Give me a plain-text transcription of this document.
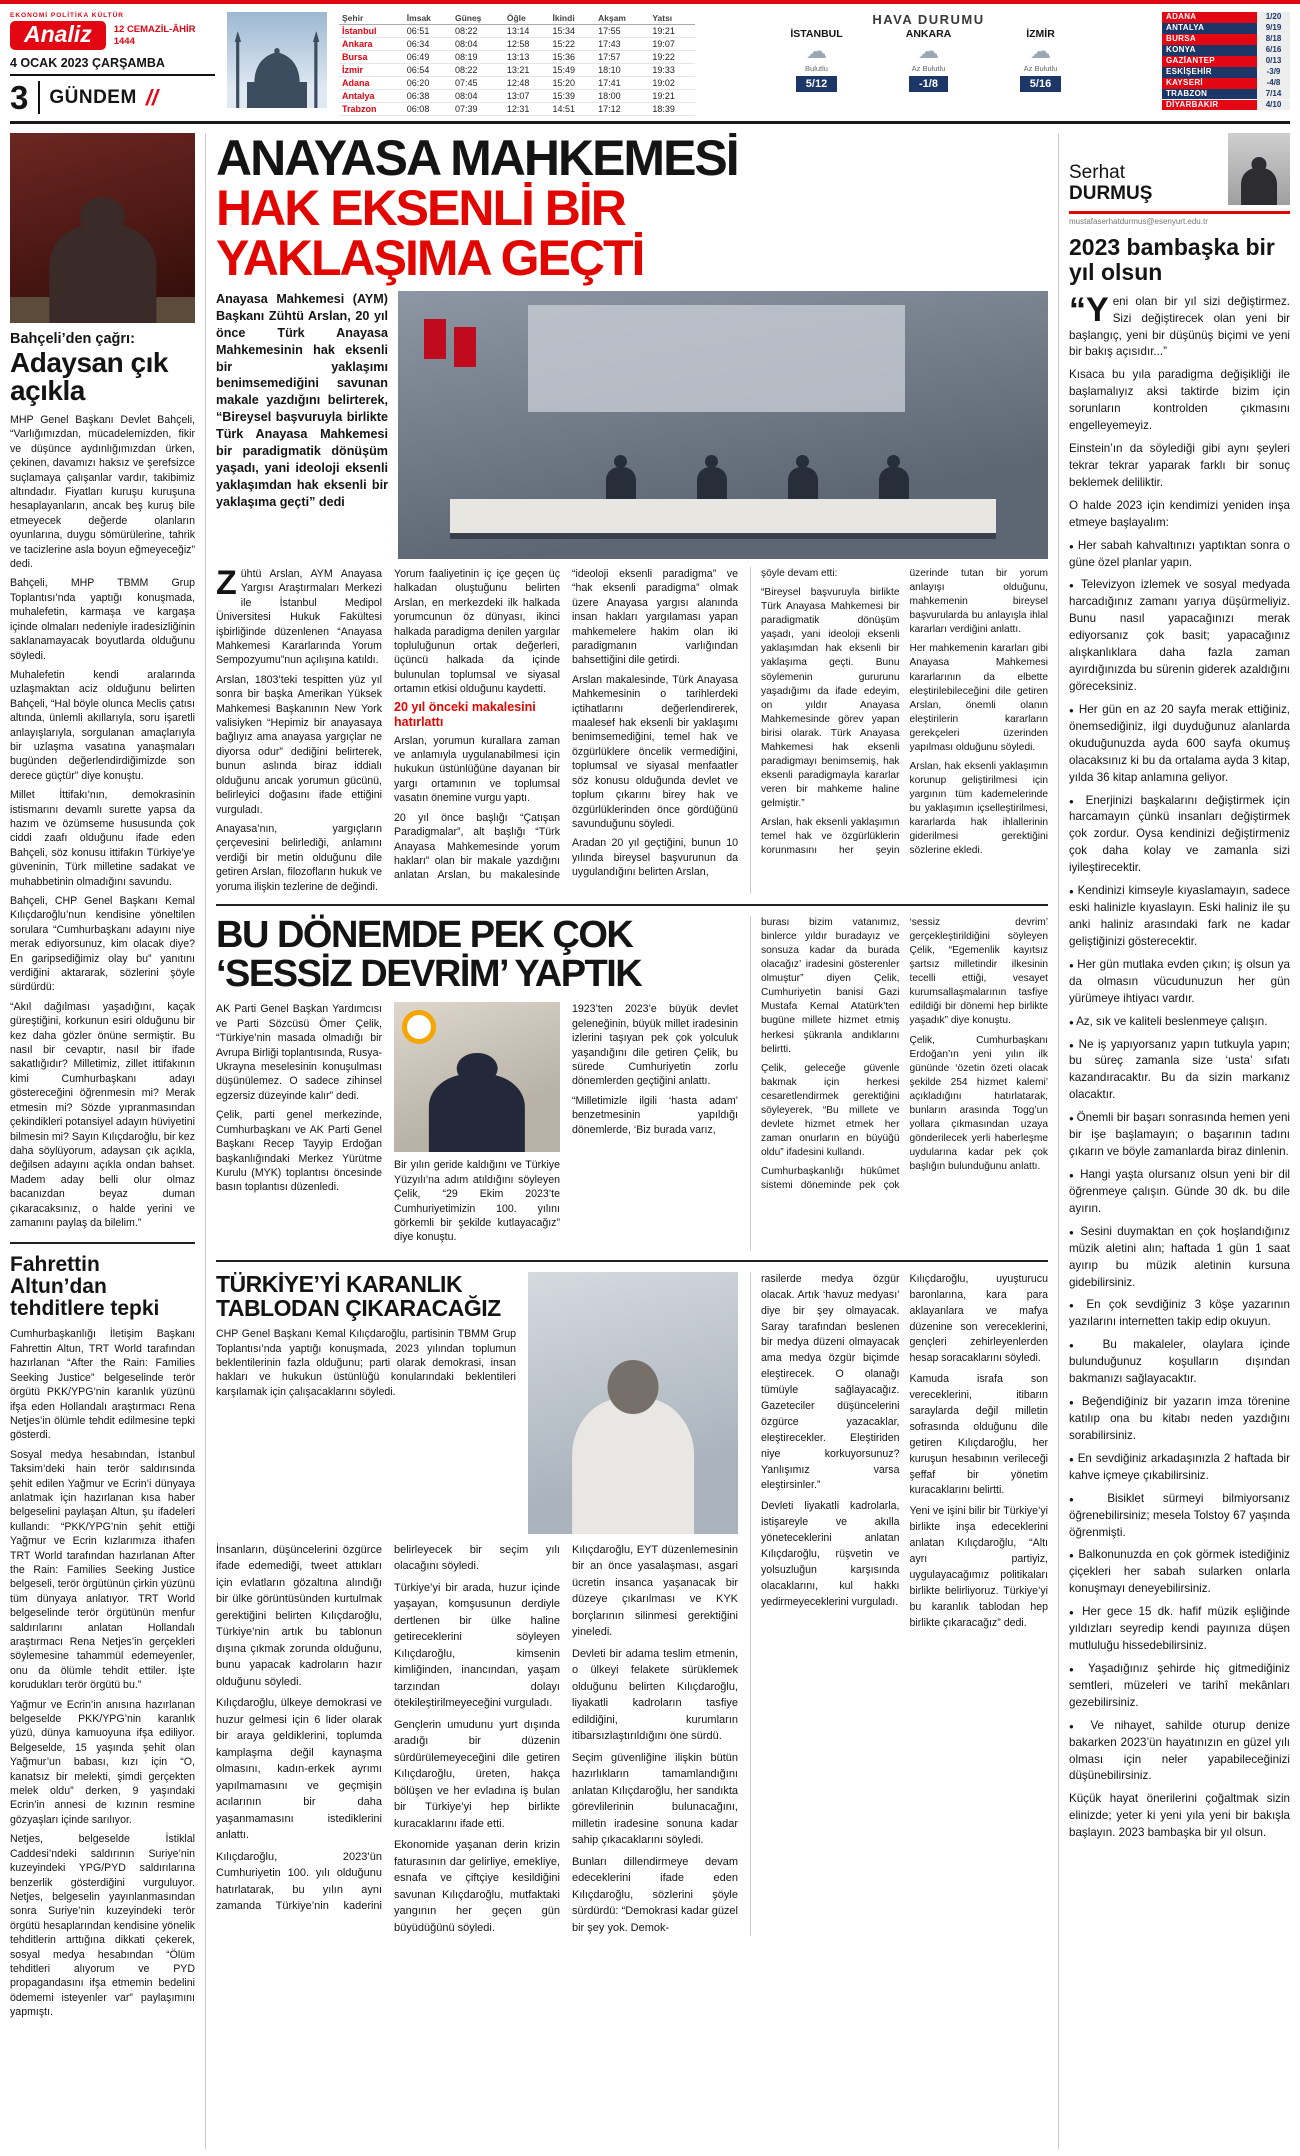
EKONOMİ POLİTİKA KÜLTÜR
Analiz	12 CEMAZİL-ÂHİR 1444
4 OCAK 2023 ÇARŞAMBA
3	GÜNDEM //
Şehir	İmsak	Güneş	Öğle	İkindi	Akşam	Yatsı
İstanbul	06:51	08:22	13:14	15:34	17:55	19:21
Ankara	06:34	08:04	12:58	15:22	17:43	19:07
Bursa	06:49	08:19	13:13	15:36	17:57	19:22
İzmir	06:54	08:22	13:21	15:49	18:10	19:33
Adana	06:20	07:45	12:48	15:20	17:41	19:02
Antalya	06:38	08:04	13:07	15:39	18:00	19:21
Trabzon	06:08	07:39	12:31	14:51	17:12	18:39
HAVA DURUMU
İSTANBUL
☁
Bulutlu
5/12
ANKARA
☁
Az Bulutlu
-1/8
İZMİR
☁
Az Bulutlu
5/16
ADANA	1/20
ANTALYA	9/19
BURSA	8/18
KONYA	6/16
GAZİANTEP	0/13
ESKİŞEHİR	-3/9
KAYSERİ	-4/8
TRABZON	7/14
DİYARBAKIR	4/10
Bahçeli’den çağrı:
Adaysan çık açıkla

MHP Genel Başkanı Devlet Bahçeli, “Varlığımızdan, mücadelemizden, fikir ve düşünce aydınlığımızdan ürken, çekinen, davamızı haksız ve şerefsizce suçlamaya çalışanlar vardır, takibimiz altındadır. Fiyatları kuruşu kuruşuna hesaplayanların, ancak beş kuruş bile etmeyecek değerde olanların oyunlarına, duygu sömürülerine, tahrik ve tacizlerine asla boyun eğmeyeceğiz” dedi.

Bahçeli, MHP TBMM Grup Toplantısı’nda yaptığı konuşmada, muhalefetin, karmaşa ve kargaşa içinde olmaları nedeniyle iradesizliğinin saklanamayacak boyutlarda olduğunu söyledi.

Muhalefetin kendi aralarında uzlaşmaktan aciz olduğunu belirten Bahçeli, “Hal böyle olunca Meclis çatısı altında, ünlemli akıllarıyla, soru işaretli anlayışlarıyla, sorgulanan amaçlarıyla bir uzlaşma vasatına yanaşmaları bugünden değerlendirdiğimizde son derece güçtür” diye konuştu.

Millet İttifakı’nın, demokrasinin istismarını devamlı surette yapsa da hazım ve özümseme hususunda çok ciddi zaafı olduğunu ifade eden Bahçeli, söz konusu ittifakın Türkiye’ye güveninin, Türk milletine sadakat ve muhabbetinin olmadığını savundu.

Bahçeli, CHP Genel Başkanı Kemal Kılıçdaroğlu’nun kendisine yöneltilen sorulara “Cumhurbaşkanı adayını niye merak ediyorsunuz, kim olacak diye? En garipsediğimiz olay bu” yanıtını verdiğini aktararak, sözlerini şöyle sürdürdü:

“Akıl dağılması yaşadığını, kaçak güreştiğini, korkunun esiri olduğunu bir kez daha gözler önüne sermiştir. Bu nasıl bir cevaptır, nasıl bir ifade sakatlığıdır? Milletimiz, zillet ittifakının kimi Cumhurbaşkanı adayı göstereceğini öğrenmesin mi? Merak etmesin mi? Sözde yıpranmasından çekindikleri potansiyel adayın hüviyetini bilmesin mi? Sayın Kılıçdaroğlu, bir kez daha söylüyorum, adaysan çık açıkla, değilsen adayını açıkla ondan bahset. Madem aday belli olur olmaz bacanızdan beyaz duman çıkaracaksınız, o halde yerini ve zamanını paylaş da bilelim.”

Fahrettin Altun’dan tehditlere tepki

Cumhurbaşkanlığı İletişim Başkanı Fahrettin Altun, TRT World tarafından hazırlanan “After the Rain: Families Seeking Justice” belgeselinde terör örgütü PKK/YPG’nin karanlık yüzünü ifşa eden Hollandalı araştırmacı Rena Netjes’in ölümle tehdit edilmesine tepki gösterdi.

Sosyal medya hesabından, İstanbul Taksim’deki hain terör saldırısında şehit edilen Yağmur ve Ecrin’i dünyaya anlatmak için hazırlanan kısa haber belgeselini paylaşan Altun, şu ifadeleri kullandı: “PKK/YPG’nin şehit ettiği Yağmur ve Ecrin kızlarımıza ithafen TRT World tarafından hazırlanan After the Rain: Families Seeking Justice belgeseli, terör örgütünün çirkin yüzünü tüm dünyaya anlatıyor. TRT World belgeselinde terör örgütünün menfur saldırılarını anlatan Hollandalı araştırmacı Rena Netjes’in gerçekleri söylemesine tahammül edemeyenler, onu da ölümle tehdit ettiler. İşte korudukları terör örgütü bu.”

Yağmur ve Ecrin’in anısına hazırlanan belgeselde PKK/YPG’nin karanlık yüzü, dünya kamuoyuna ifşa ediliyor. Belgeselde, 15 yaşında şehit olan Yağmur’un babası, kızı için “O, kanatsız bir melekti, şimdi gerçekten melek oldu” derken, 9 yaşındaki Ecrin’in annesi de kızının resmine gözyaşları içinde sarılıyor.

Netjes, belgeselde İstiklal Caddesi’ndeki saldırının Suriye’nin kuzeyindeki YPG/PYD saldırılarına benzerlik gösterdiğini vurguluyor. Netjes, belgeselin yayınlanmasından sonra Suriye’nin kuzeyindeki terör örgütü hesaplarından kendisine yönelik tehditlerin arttığına dikkati çekerek, sosyal medya hesabından “Ölüm tehditleri alıyorum ve PYD propagandasını ifşa etmemin bedelini ödememi isteyenler var” paylaşımını yapmıştı.

ANAYASA MAHKEMESİ
HAK EKSENLİ BİR
YAKLAŞIMA GEÇTİ
Anayasa Mahkemesi (AYM) Başkanı Zühtü Arslan, 20 yıl önce Türk Anayasa Mahkemesinin hak eksenli bir yaklaşımı benimsemediğini savunan makale yazdığını belirterek, “Bireysel başvuruyla birlikte Türk Anayasa Mahkemesi bir paradigmatik dönüşüm yaşadı, yani ideoloji eksenli yaklaşımdan hak eksenli bir yaklaşıma geçti” dedi

Zühtü Arslan, AYM Anayasa Yargısı Araştırmaları Merkezi ile İstanbul Medipol Üniversitesi Hukuk Fakültesi işbirliğinde düzenlenen “Anayasa Mahkemesi Kararlarında Yorum Sempozyumu”nun açılışına katıldı.

Arslan, 1803’teki tespitten yüz yıl sonra bir başka Amerikan Yüksek Mahkemesi Başkanının New York valisiyken “Hepimiz bir anayasaya bağlıyız ama anayasa yargıçlar ne diyorsa odur” dediğini belirterek, bunun aslında biraz iddialı olduğunu ancak yorumun gücünü, belirleyici doğasını ifade ettiğini vurguladı.

Anayasa’nın, yargıçların çerçevesini belirlediği, anlamını verdiği bir metin olduğunu dile getiren Arslan, filozofların hukuk ve yoruma ilişkin tezlerine de değindi.

Yorum faaliyetinin iç içe geçen üç halkadan oluştuğunu belirten Arslan, en merkezdeki ilk halkada yorumcunun öz dünyası, ikinci halkada paradigma denilen yargılar topluluğunun ortak değerleri, üçüncü halkada da içinde bulunulan toplumsal ve siyasal ortamın etkisi olduğunu kaydetti.

20 yıl önceki makalesini hatırlattı

Arslan, yorumun kurallara zaman ve anlamıyla uygulanabilmesi için hukukun üstünlüğüne dayanan bir yargı ortamının ve toplumsal vasatın önemine vurgu yaptı.

20 yıl önce başlığı “Çatışan Paradigmalar”, alt başlığı “Türk Anayasa Mahkemesinde yorum hakları” olan bir makale yazdığını anlatan Arslan, bu makalesinde “ideoloji eksenli paradigma” ve “hak eksenli paradigma” olmak üzere Anayasa yargısı alanında insan hakları yargılaması yapan mahkemelere hakim olan iki paradigmanın varlığından bahsettiğini dile getirdi.

Arslan makalesinde, Türk Anayasa Mahkemesinin o tarihlerdeki içtihatlarını değerlendirerek, maalesef hak eksenli bir yaklaşımı benimsemediğini, temel hak ve özgürlüklere öncelik vermediğini, toplumsal ve siyasal menfaatler söz konusu olduğunda devlet ve toplum çıkarını birey hak ve özgürlüklerinden önce gördüğünü savunduğunu söyledi.

Aradan 20 yıl geçtiğini, bunun 10 yılında bireysel başvurunun da uygulandığını belirten Arslan,

şöyle devam etti:

“Bireysel başvuruyla birlikte Türk Anayasa Mahkemesi bir paradigmatik dönüşüm yaşadı, yani ideoloji eksenli yaklaşımdan hak eksenli bir yaklaşıma geçti. Bunu söylemenin gururunu yaşadığımı da ifade edeyim, on yıldır Anayasa Mahkemesinde görev yapan birisi olarak. Türk Anayasa Mahkemesi hak eksenli paradigmayı benimsemiş, hak eksenli paradigmayla kararlar veren bir mahkeme haline gelmiştir.”

Arslan, hak eksenli yaklaşımın temel hak ve özgürlüklerin korunmasını her şeyin üzerinde tutan bir yorum anlayışı olduğunu, mahkemenin bireysel başvurularda bu anlayışla ihlal kararları verdiğini anlattı.

Her mahkemenin kararları gibi Anayasa Mahkemesi kararlarının da elbette eleştirilebileceğini dile getiren Arslan, önemli olanın eleştirilerin kararların gerekçeleri üzerinden yapılması olduğunu söyledi.

Arslan, hak eksenli yaklaşımın korunup geliştirilmesi için yargının tüm kademelerinde bu yaklaşımın içselleştirilmesi, kararlarda hak ihlallerinin giderilmesi gerektiğini sözlerine ekledi.

BU DÖNEMDE PEK ÇOK
‘SESSİZ DEVRİM’ YAPTIK

AK Parti Genel Başkan Yardımcısı ve Parti Sözcüsü Ömer Çelik, “Türkiye’nin masada olmadığı bir Avrupa Birliği toplantısında, Rusya-Ukrayna meselesinin konuşulması düşünülemez. O sadece zihinsel egzersiz düzeyinde kalır” dedi.

Çelik, parti genel merkezinde, Cumhurbaşkanı ve AK Parti Genel Başkanı Recep Tayyip Erdoğan başkanlığındaki Merkez Yürütme Kurulu (MYK) toplantısı öncesinde basın toplantısı düzenledi.

Bir yılın geride kaldığını ve Türkiye Yüzyılı’na adım atıldığını söyleyen Çelik, “29 Ekim 2023’te Cumhuriyetimizin 100. yılını görkemli bir şekilde kutlayacağız” diye konuştu.

1923’ten 2023’e büyük devlet geleneğinin, büyük millet iradesinin izlerini taşıyan pek çok yolculuk yaşandığını dile getiren Çelik, bu sürede Cumhuriyetin zorlu dönemlerden geçtiğini anlattı.

“Milletimizle ilgili ‘hasta adam’ benzetmesinin yapıldığı dönemlerde, ‘Biz burada varız,

burası bizim vatanımız, binlerce yıldır buradayız ve sonsuza kadar da burada olacağız’ iradesini gösterenler olmuştur” diyen Çelik, Cumhuriyetin banisi Gazi Mustafa Kemal Atatürk’ten bugüne millete hizmet etmiş herkesi şükranla andıklarını belirtti.

Çelik, geleceğe güvenle bakmak için herkesi cesaretlendirmek gerektiğini söyleyerek, “Bu millete ve devlete hizmet etmek her zaman onurların en büyüğü oldu” ifadesini kullandı.

Cumhurbaşkanlığı hükûmet sistemi döneminde pek çok ‘sessiz devrim’ gerçekleştirildiğini söyleyen Çelik, “Egemenlik kayıtsız şartsız milletindir ilkesinin tecelli ettiği, vesayet kurumsallaşmalarının tasfiye edildiği bir dönemi hep birlikte yaşadık” diye konuştu.

Çelik, Cumhurbaşkanı Erdoğan’ın yeni yılın ilk gününde ‘özetin özeti olacak şekilde 254 hizmet kalemi’ açıkladığını hatırlatarak, bunların arasında Togg’un yollara çıkmasından uzaya gönderilecek yerli haberleşme uydularına kadar pek çok başlığın bulunduğunu anlattı.

TÜRKİYE’Yİ KARANLIK
TABLODAN ÇIKARACAĞIZ

CHP Genel Başkanı Kemal Kılıçdaroğlu, partisinin TBMM Grup Toplantısı’nda yaptığı konuşmada, 2023 yılından toplumun beklentilerinin fazla olduğunu; parti olarak demokrasi, insan hakları ve hukukun üstünlüğü konularındaki beklentileri karşılamak için çalışacaklarını söyledi.

İnsanların, düşüncelerini özgürce ifade edemediği, tweet attıkları için evlatların gözaltına alındığı bir ülke görüntüsünden kurtulmak gerektiğini belirten Kılıçdaroğlu, Türkiye’nin artık bu tablonun dışına çıkmak zorunda olduğunu, bunu yapacak kadroların hazır olduğunu söyledi.

Kılıçdaroğlu, ülkeye demokrasi ve huzur gelmesi için 6 lider olarak bir araya geldiklerini, toplumda kamplaşma değil kaynaşma olmasını, kadın-erkek ayrımı yapılmamasını ve geçmişin acılarının bir daha yaşanmamasını istediklerini anlattı.

Kılıçdaroğlu, 2023’ün Cumhuriyetin 100. yılı olduğunu hatırlatarak, bu yılın aynı zamanda Türkiye’nin kaderini belirleyecek bir seçim yılı olacağını söyledi.

Türkiye’yi bir arada, huzur içinde yaşayan, komşusunun derdiyle dertlenen bir ülke haline getireceklerini söyleyen Kılıçdaroğlu, kimsenin kimliğinden, inancından, yaşam tarzından dolayı ötekileştirilmeyeceğini vurguladı.

Gençlerin umudunu yurt dışında aradığı bir düzenin sürdürülemeyeceğini dile getiren Kılıçdaroğlu, üreten, hakça bölüşen ve her evladına iş bulan bir Türkiye’yi hep birlikte kuracaklarını ifade etti.

Ekonomide yaşanan derin krizin faturasının dar gelirliye, emekliye, esnafa ve çiftçiye kesildiğini savunan Kılıçdaroğlu, mutfaktaki yangının her geçen gün büyüdüğünü söyledi.

Kılıçdaroğlu, EYT düzenlemesinin bir an önce yasalaşması, asgari ücretin insanca yaşanacak bir düzeye çıkarılması ve KYK borçlarının silinmesi gerektiğini yineledi.

Devleti bir adama teslim etmenin, o ülkeyi felakete sürüklemek olduğunu belirten Kılıçdaroğlu, liyakatli kadroların tasfiye edildiğini, kurumların itibarsızlaştırıldığını öne sürdü.

Seçim güvenliğine ilişkin bütün hazırlıkların tamamlandığını anlatan Kılıçdaroğlu, her sandıkta görevlilerinin bulunacağını, milletin iradesine sonuna kadar sahip çıkacaklarını söyledi.

Bunları dillendirmeye devam edeceklerini ifade eden Kılıçdaroğlu, sözlerini şöyle sürdürdü: “Demokrasi kadar güzel bir şey yok. Demok-

rasilerde medya özgür olacak. Artık ‘havuz medyası’ diye bir şey olmayacak. Saray tarafından beslenen bir medya düzeni olmayacak ama medya özgür biçimde eleştirecek. O olanağı tümüyle sağlayacağız. Gazeteciler düşüncelerini özgürce yazacaklar, eleştirecekler. Eleştiriden niye korkuyorsunuz? Yanlışımız varsa eleştirsinler.”

Devleti liyakatli kadrolarla, istişareyle ve akılla yöneteceklerini anlatan Kılıçdaroğlu, rüşvetin ve yolsuzluğun karşısında olacaklarını, kul hakkı yedirmeyeceklerini vurguladı.

Kılıçdaroğlu, uyuşturucu baronlarına, kara para aklayanlara ve mafya düzenine son vereceklerini, gençleri zehirleyenlerden hesap soracaklarını söyledi.

Kamuda israfa son vereceklerini, itibarın saraylarda değil milletin sofrasında olduğunu dile getiren Kılıçdaroğlu, her kuruşun hesabının verileceği şeffaf bir yönetim kuracaklarını belirtti.

Yeni ve işini bilir bir Türkiye’yi birlikte inşa edeceklerini anlatan Kılıçdaroğlu, “Altı ayrı partiyiz, uygulayacağımız politikaları birlikte belirliyoruz. Türkiye’yi bu karanlık tablodan hep birlikte çıkaracağız” dedi.

Serhat
DURMUŞ
mustafaserhatdurmus@esenyurt.edu.tr
2023 bambaşka bir yıl olsun

“Yeni olan bir yıl sizi değiştirmez. Sizi değiştirecek olan yeni bir başlangıç, yeni bir düşünüş biçimi ve yeni bir bakış açısıdır...”

Kısaca bu yıla paradigma değişikliği ile başlamalıyız aksi taktirde bizim için sorunların kontrolden çıkmasını engelleyemeyiz.

Einstein’ın da söylediği gibi aynı şeyleri tekrar tekrar yaparak farklı bir sonuç beklemek deliliktir.

O halde 2023 için kendimizi yeniden inşa etmeye başlayalım:

● Her sabah kahvaltınızı yaptıktan sonra o güne özel planlar yapın.

● Televizyon izlemek ve sosyal medyada harcadığınız zamanı yarıya düşürmeliyiz. Bunu nasıl yapacağınızı merak ediyorsanız çok basit; yapacağınız alışkanlıklara daha fazla zaman ayırdığınızda bu sürenin giderek azaldığını göreceksiniz.

● Her gün en az 20 sayfa merak ettiğiniz, önemsediğiniz, ilgi duyduğunuz alanlarda okuduğunuzda ayda 600 sayfa okumuş olacaksınız ki bu da ortalama ayda 3 kitap, yılda 36 kitap anlamına geliyor.

● Enerjinizi başkalarını değiştirmek için harcamayın çünkü insanları değiştirmek çok zordur. Oysa kendinizi değiştirmeniz çok daha kolay ve zamanla sizi iyileştirecektir.

● Kendinizi kimseyle kıyaslamayın, sadece eski halinizle kıyaslayın. Eski haliniz ile şu anki haliniz arasındaki fark ne kadar geliştiğinizi gösterecektir.

● Her gün mutlaka evden çıkın; iş olsun ya da olmasın vücudunuzun her gün yürümeye ihtiyacı vardır.

● Az, sık ve kaliteli beslenmeye çalışın.

● Ne iş yapıyorsanız yapın tutkuyla yapın; bu süreç zamanla size ‘usta’ sıfatı kazandıracaktır. Bu da sizin markanız olacaktır.

● Önemli bir başarı sonrasında hemen yeni bir işe başlamayın; o başarının tadını çıkarın ve böyle zamanlarda biraz dinlenin.

● Hangi yaşta olursanız olsun yeni bir dil öğrenmeye çalışın. Günde 30 dk. bu dile ayırın.

● Sesini duymaktan en çok hoşlandığınız müzik aletini alın; haftada 1 gün 1 saat ayırıp bu müzik aletinin kursuna gidebilirsiniz.

● En çok sevdiğiniz 3 köşe yazarının yazılarını internetten takip edip okuyun.

● Bu makaleler, olaylara içinde bulunduğunuz koşulların dışından bakmanızı sağlayacaktır.

● Beğendiğiniz bir yazarın imza törenine katılıp ona bu kitabı neden yazdığını sorabilirsiniz.

● En sevdiğiniz arkadaşınızla 2 haftada bir kahve içmeye çıkabilirsiniz.

● Bisiklet sürmeyi bilmiyorsanız öğrenebilirsiniz; mesela Tolstoy 67 yaşında öğrenmişti.

● Balkonunuzda en çok görmek istediğiniz çiçekleri her sabah sularken onlarla konuşmayı deneyebilirsiniz.

● Her gece 15 dk. hafif müzik eşliğinde yıldızları seyredip kendi payınıza düşen mutluluğu hissedebilirsiniz.

● Yaşadığınız şehirde hiç gitmediğiniz semtleri, müzeleri ve tarihî mekânları gezebilirsiniz.

● Ve nihayet, sahilde oturup denize bakarken 2023’ün hayatınızın en güzel yılı olması için neler yapabileceğinizi düşünebilirsiniz.

Küçük hayat önerilerini çoğaltmak sizin elinizde; yeter ki yeni yıla yeni bir bakışla başlayın. 2023 bambaşka bir yıl olsun.
